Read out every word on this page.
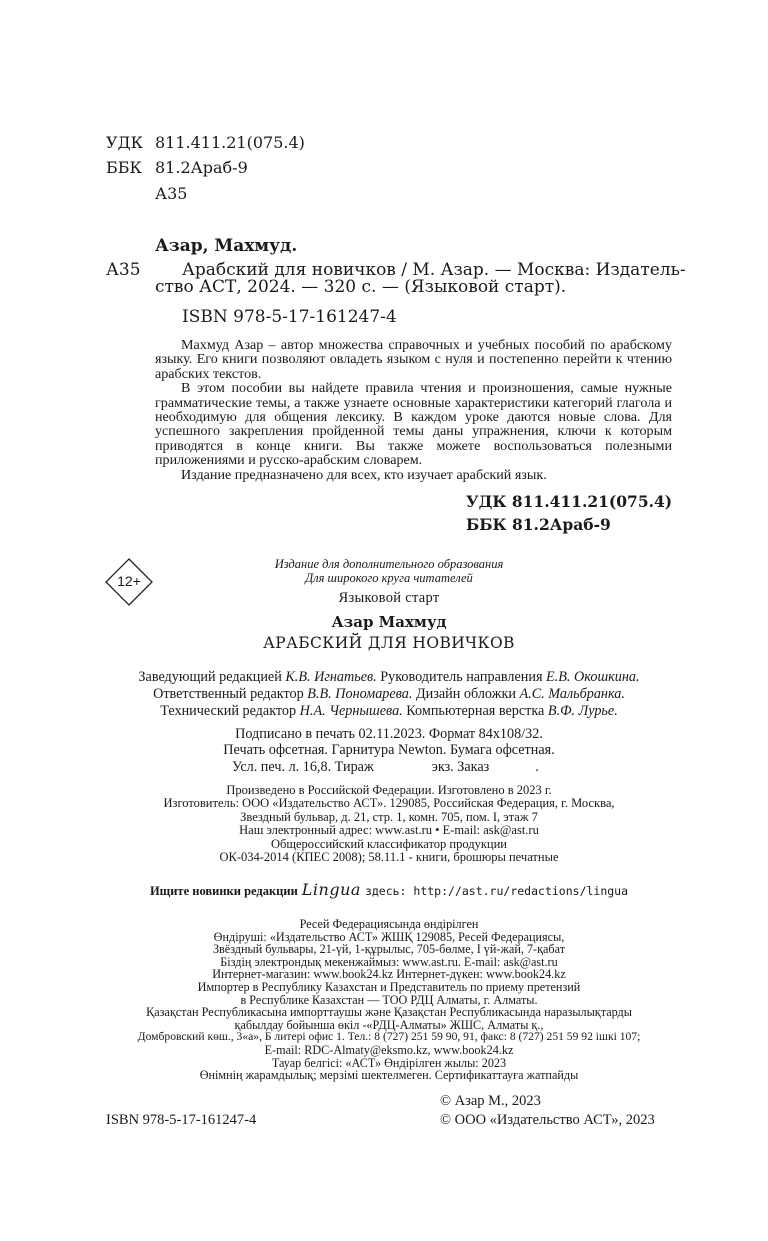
УДК 811.411.21(075.4)
ББК 81.2Араб-9
А35
Азар, Махмуд.
А35 Арабский для новичков / М. Азар. — Москва: Издатель-
ство АСТ, 2024. — 320 с. — (Языковой старт).
ISBN 978-5-17-161247-4

Махмуд Азар – автор множества справочных и учебных пособий по арабскому языку. Его книги позволяют овладеть языком с нуля и постепенно перейти к чтению арабских текстов.

В этом пособии вы найдете правила чтения и произношения, самые нужные грамматические темы, а также узнаете основные характеристики категорий глагола и необходимую для общения лексику. В каждом уроке даются новые слова. Для успешного закрепления пройденной темы даны упражнения, ключи к которым приводятся в конце книги. Вы также можете воспользоваться полезными приложениями и русско-арабским словарем.

Издание предназначено для всех, кто изучает арабский язык.

УДК 811.411.21(075.4)
ББК 81.2Араб-9
12+
Издание для дополнительного образования
Для широкого круга читателей
Языковой старт
Азар Махмуд
АРАБСКИЙ ДЛЯ НОВИЧКОВ
Заведующий редакцией К.В. Игнатьев. Руководитель направления Е.В. Окошкина.
Ответственный редактор В.В. Пономарева. Дизайн обложки А.С. Мальбранка.
Технический редактор Н.А. Чернышева. Компьютерная верстка В.Ф. Лурье.
Подписано в печать 02.11.2023. Формат 84х108/32.
Печать офсетная. Гарнитура Newton. Бумага офсетная.
Усл. печ. л. 16,8. Тираж	экз. Заказ	.
Произведено в Российской Федерации. Изготовлено в 2023 г.
Изготовитель: ООО «Издательство АСТ». 129085, Российская Федерация, г. Москва,
Звездный бульвар, д. 21, стр. 1, комн. 705, пом. I, этаж 7
Наш электронный адрес: www.ast.ru • E-mail: ask@ast.ru
Общероссийский классификатор продукции
ОК-034-2014 (КПЕС 2008); 58.11.1 - книги, брошюры печатные
Ищите новинки редакции Lingua здесь: http://ast.ru/redactions/lingua
Ресей Федерациясында өндірілген
Өндіруші: «Издательство АСТ» ЖШҚ 129085, Ресей Федерациясы,
Звёздный бульвары, 21-үй, 1-құрылыс, 705-бөлме, I үй-жай, 7-қабат
Біздің электрондық мекенжаймыз: www.ast.ru. E-mail: ask@ast.ru
Интернет-магазин: www.book24.kz Интернет-дүкен: www.book24.kz
Импортер в Республику Казахстан и Представитель по приему претензий
в Республике Казахстан — ТОО РДЦ Алматы, г. Алматы.
Қазақстан Республикасына импорттаушы және Қазақстан Республикасында наразылықтарды
қабылдау бойынша өкіл -«РДЦ-Алматы» ЖШС, Алматы қ.,
Домбровский көш., 3«а», Б литері офис 1. Тел.: 8 (727) 251 59 90, 91, факс: 8 (727) 251 59 92 ішкі 107;
E-mail: RDC-Almaty@eksmo.kz, www.book24.kz
Тауар белгісі: «АСТ» Өндірілген жылы: 2023
Өнімнің жарамдылық; мерзімі шектелмеген. Сертификаттауға жатпайды
© Азар М., 2023
ISBN 978-5-17-161247-4	© ООО «Издательство АСТ», 2023
